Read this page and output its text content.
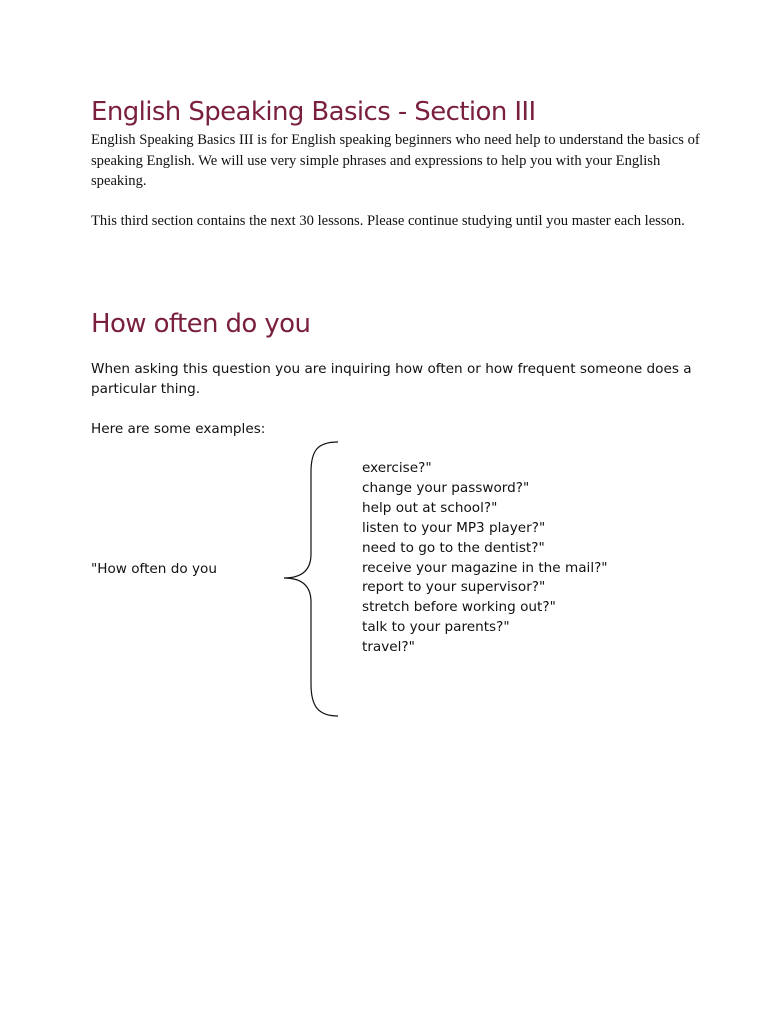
English Speaking Basics - Section III

English Speaking Basics III is for English speaking beginners who need help to understand the basics of speaking English. We will use very simple phrases and expressions to help you with your English speaking.

This third section contains the next 30 lessons. Please continue studying until you master each lesson.

How often do you

When asking this question you are inquiring how often or how frequent someone does a particular thing.

Here are some examples:

"How often do you
exercise?"
change your password?"
help out at school?"
listen to your MP3 player?"
need to go to the dentist?"
receive your magazine in the mail?"
report to your supervisor?"
stretch before working out?"
talk to your parents?"
travel?"
